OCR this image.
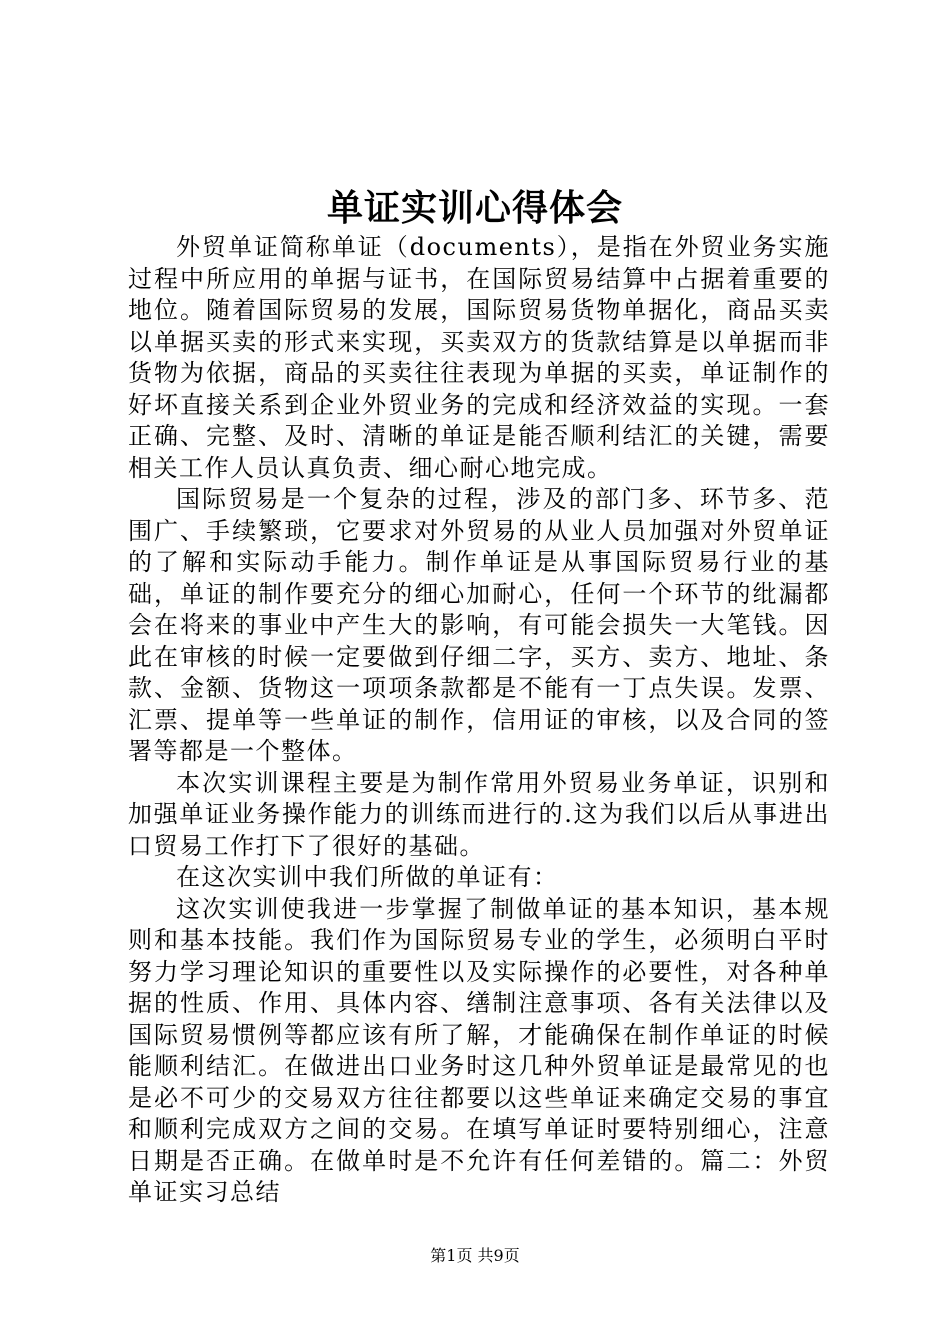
单证实训心得体会

外贸单证简称单证（documents），是指在外贸业务实施过程中所应用的单据与证书，在国际贸易结算中占据着重要的地位。随着国际贸易的发展，国际贸易货物单据化，商品买卖以单据买卖的形式来实现，买卖双方的货款结算是以单据而非货物为依据，商品的买卖往往表现为单据的买卖，单证制作的好坏直接关系到企业外贸业务的完成和经济效益的实现。一套正确、完整、及时、清晰的单证是能否顺利结汇的关键，需要相关工作人员认真负责、细心耐心地完成。

国际贸易是一个复杂的过程，涉及的部门多、环节多、范围广、手续繁琐，它要求对外贸易的从业人员加强对外贸单证的了解和实际动手能力。制作单证是从事国际贸易行业的基础，单证的制作要充分的细心加耐心，任何一个环节的纰漏都会在将来的事业中产生大的影响，有可能会损失一大笔钱。因此在审核的时候一定要做到仔细二字，买方、卖方、地址、条款、金额、货物这一项项条款都是不能有一丁点失误。发票、汇票、提单等一些单证的制作，信用证的审核，以及合同的签署等都是一个整体。

本次实训课程主要是为制作常用外贸易业务单证，识别和加强单证业务操作能力的训练而进行的.这为我们以后从事进出口贸易工作打下了很好的基础。

在这次实训中我们所做的单证有：

这次实训使我进一步掌握了制做单证的基本知识，基本规则和基本技能。我们作为国际贸易专业的学生，必须明白平时努力学习理论知识的重要性以及实际操作的必要性，对各种单据的性质、作用、具体内容、缮制注意事项、各有关法律以及国际贸易惯例等都应该有所了解，才能确保在制作单证的时候能顺利结汇。在做进出口业务时这几种外贸单证是最常见的也是必不可少的交易双方往往都要以这些单证来确定交易的事宜和顺利完成双方之间的交易。在填写单证时要特别细心，注意日期是否正确。在做单时是不允许有任何差错的。篇二：外贸单证实习总结

第1页 共9页
